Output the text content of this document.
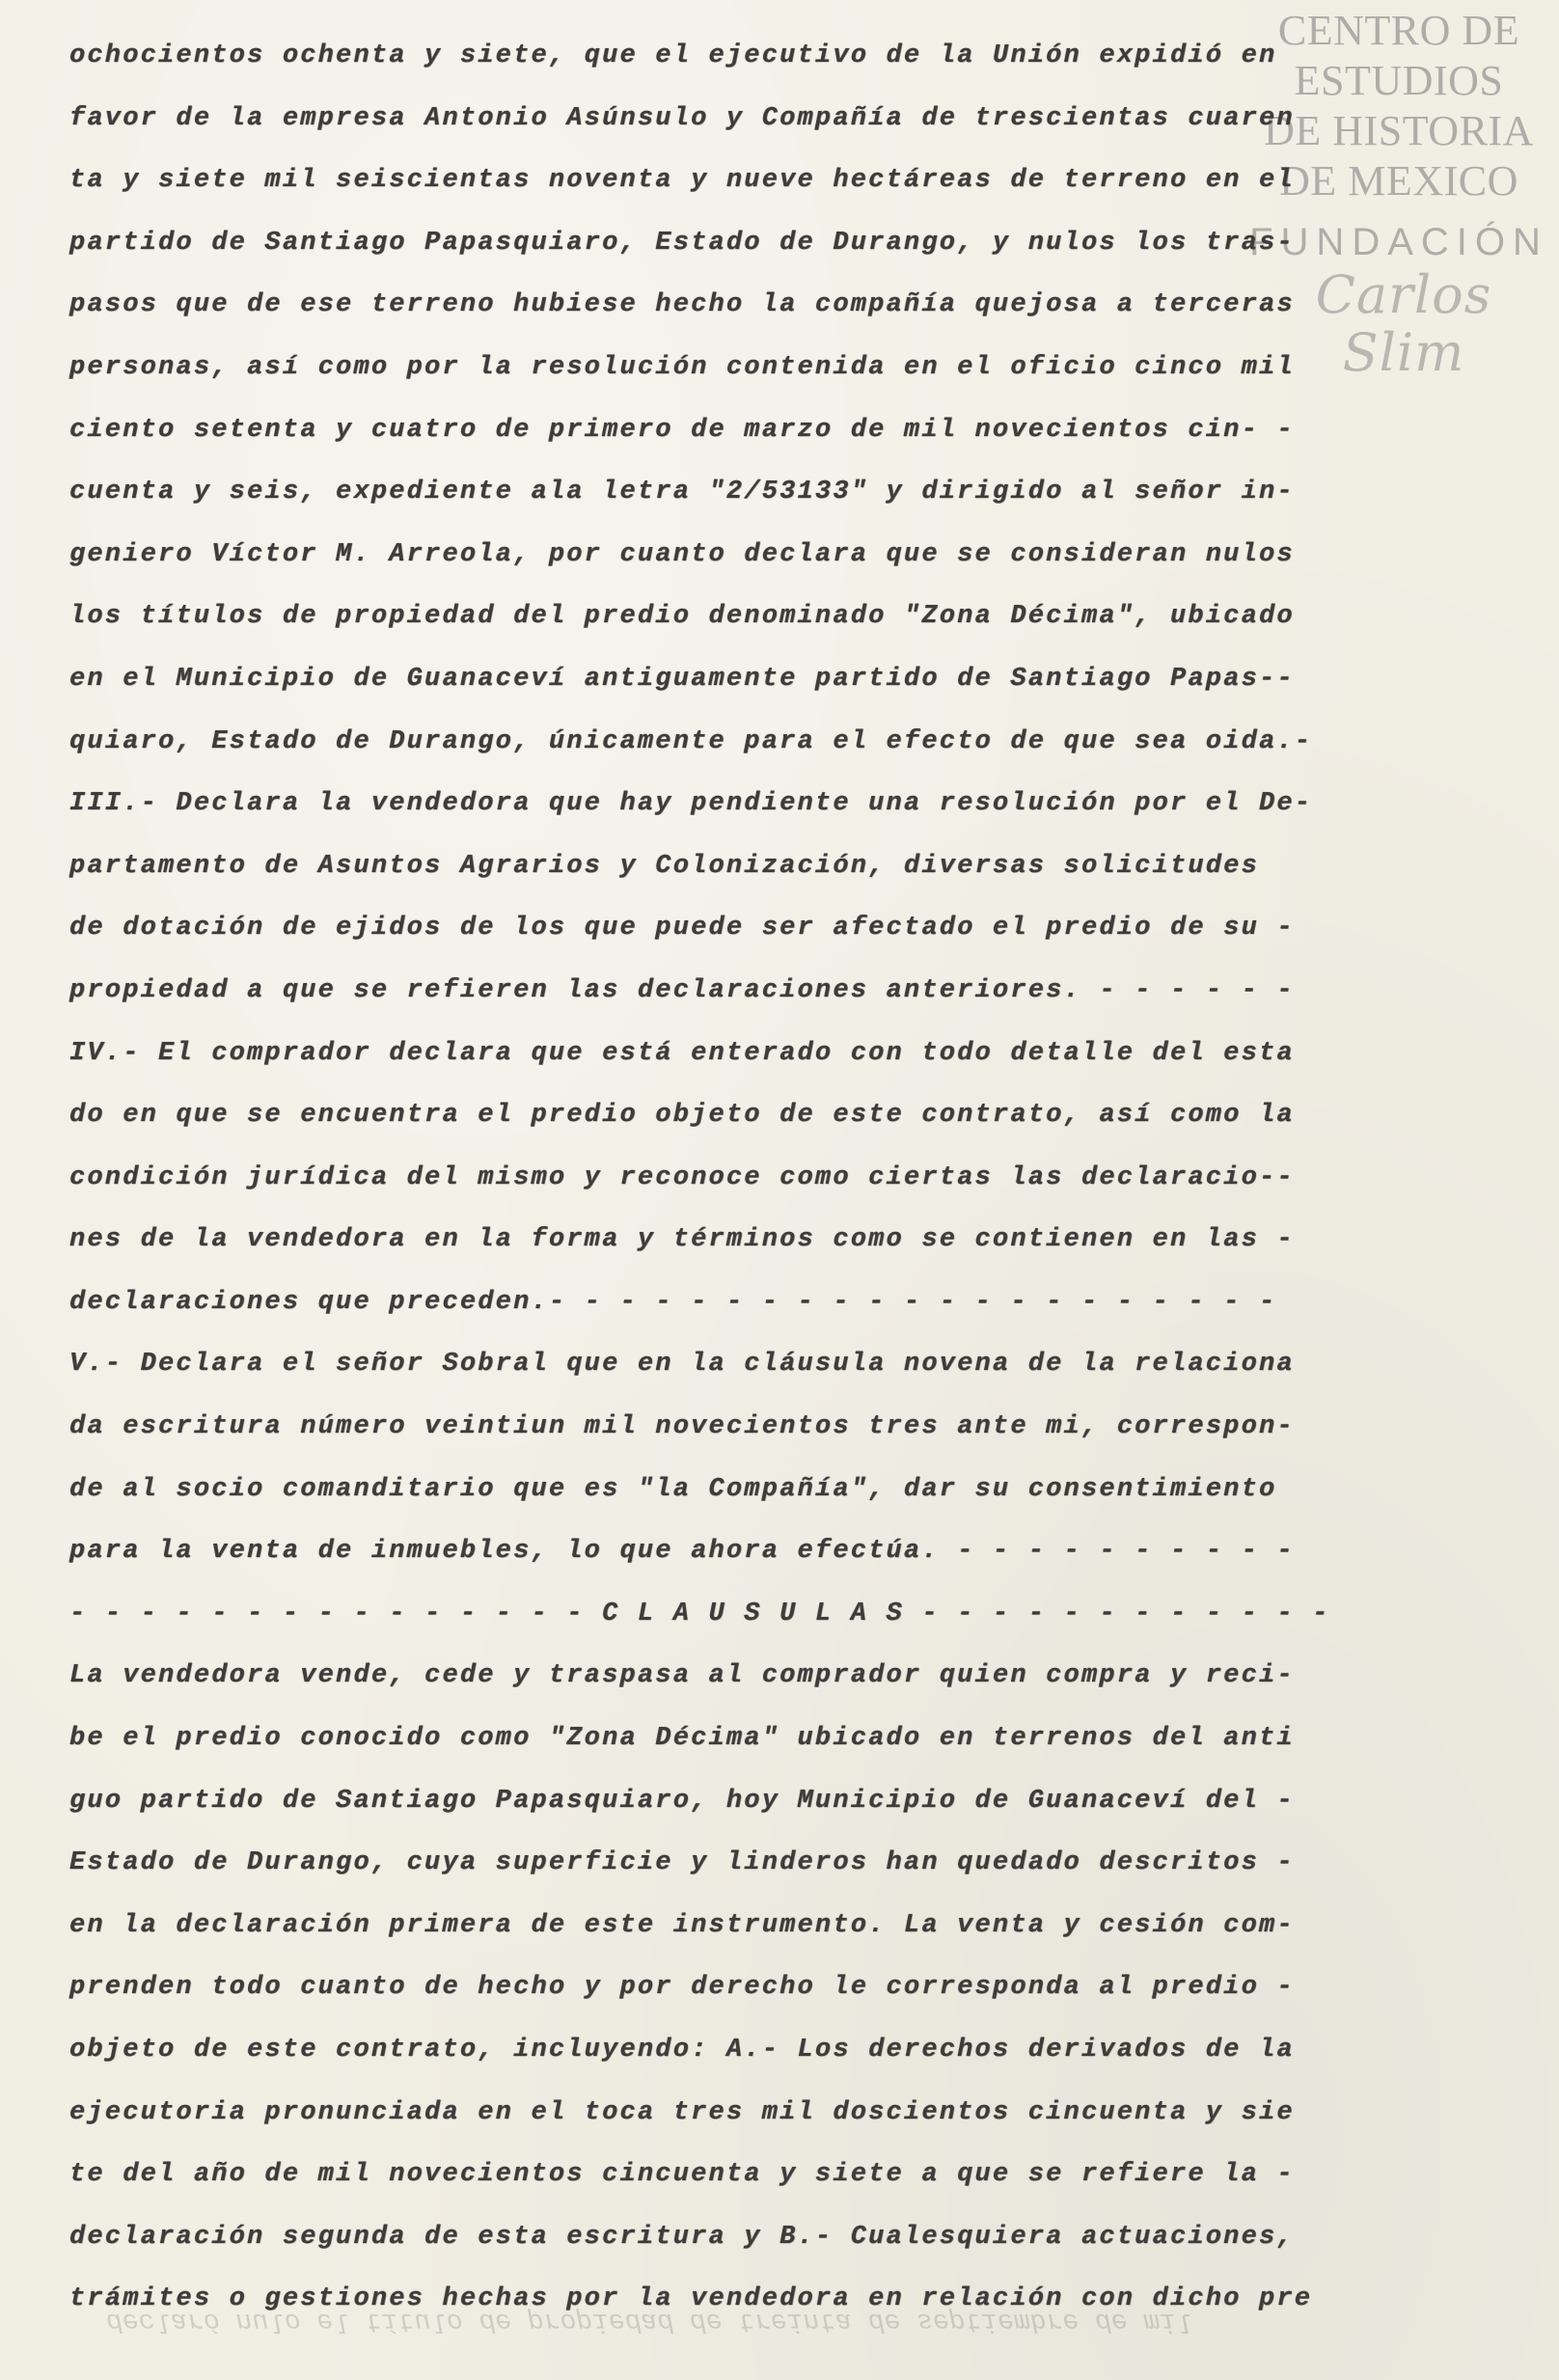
CENTRO DE
ESTUDIOS
DE HISTORIA
DE MEXICO
FUNDACIÓN
Carlos Slim
ochocientos ochenta y siete, que el ejecutivo de la Unión expidió en
favor de la empresa Antonio Asúnsulo y Compañía de trescientas cuaren
ta y siete mil seiscientas noventa y nueve hectáreas de terreno en el
partido de Santiago Papasquiaro, Estado de Durango, y nulos los tras-
pasos que de ese terreno hubiese hecho la compañía quejosa a terceras
personas, así como por la resolución contenida en el oficio cinco mil
ciento setenta y cuatro de primero de marzo de mil novecientos cin- -
cuenta y seis, expediente ala letra "2/53133" y dirigido al señor in-
geniero Víctor M. Arreola, por cuanto declara que se consideran nulos
los títulos de propiedad del predio denominado "Zona Décima", ubicado
en el Municipio de Guanaceví antiguamente partido de Santiago Papas--
quiaro, Estado de Durango, únicamente para el efecto de que sea oida.-
III.- Declara la vendedora que hay pendiente una resolución por el De-
partamento de Asuntos Agrarios y Colonización, diversas solicitudes
de dotación de ejidos de los que puede ser afectado el predio de su -
propiedad a que se refieren las declaraciones anteriores. - - - - - -
IV.- El comprador declara que está enterado con todo detalle del esta
do en que se encuentra el predio objeto de este contrato, así como la
condición jurídica del mismo y reconoce como ciertas las declaracio--
nes de la vendedora en la forma y términos como se contienen en las -
declaraciones que preceden.- - - - - - - - - - - - - - - - - - - - -
V.- Declara el señor Sobral que en la cláusula novena de la relaciona
da escritura número veintiun mil novecientos tres ante mi, correspon-
de al socio comanditario que es "la Compañía", dar su consentimiento
para la venta de inmuebles, lo que ahora efectúa. - - - - - - - - - -
- - - - - - - - - - - - - - - C L A U S U L A S - - - - - - - - - - - -
La vendedora vende, cede y traspasa al comprador quien compra y reci-
be el predio conocido como "Zona Décima" ubicado en terrenos del anti
guo partido de Santiago Papasquiaro, hoy Municipio de Guanaceví del -
Estado de Durango, cuya superficie y linderos han quedado descritos -
en la declaración primera de este instrumento. La venta y cesión com-
prenden todo cuanto de hecho y por derecho le corresponda al predio -
objeto de este contrato, incluyendo: A.- Los derechos derivados de la
ejecutoria pronunciada en el toca tres mil doscientos cincuenta y sie
te del año de mil novecientos cincuenta y siete a que se refiere la -
declaración segunda de esta escritura y B.- Cualesquiera actuaciones,
trámites o gestiones hechas por la vendedora en relación con dicho pre
declaró nulo el título de propiedad de treinta de septiembre de mil
